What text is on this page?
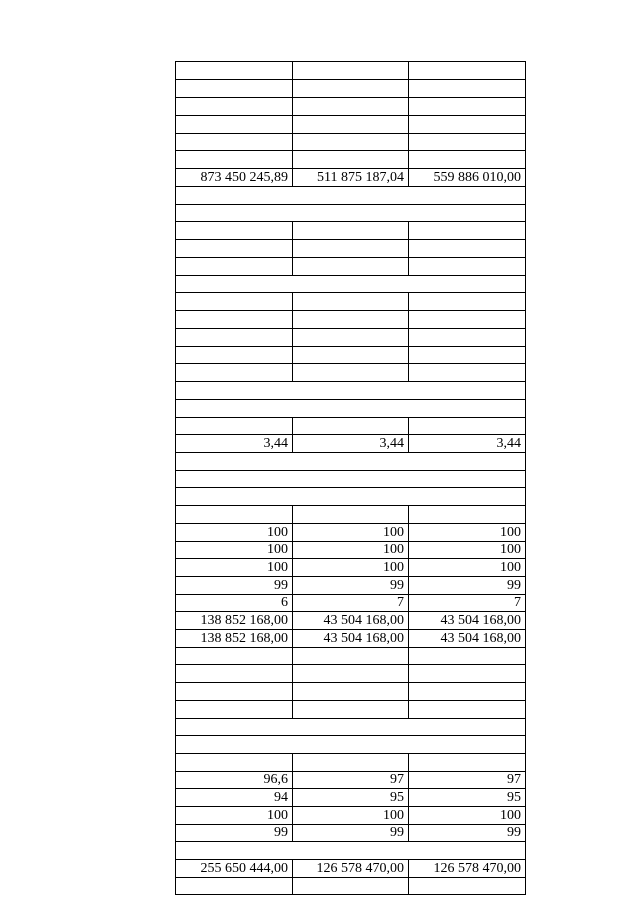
873 450 245,89	511 875 187,04	559 886 010,00
3,44	3,44	3,44
100	100	100
100	100	100
100	100	100
99	99	99
6	7	7
138 852 168,00	43 504 168,00	43 504 168,00
138 852 168,00	43 504 168,00	43 504 168,00
96,6	97	97
94	95	95
100	100	100
99	99	99
255 650 444,00	126 578 470,00	126 578 470,00
